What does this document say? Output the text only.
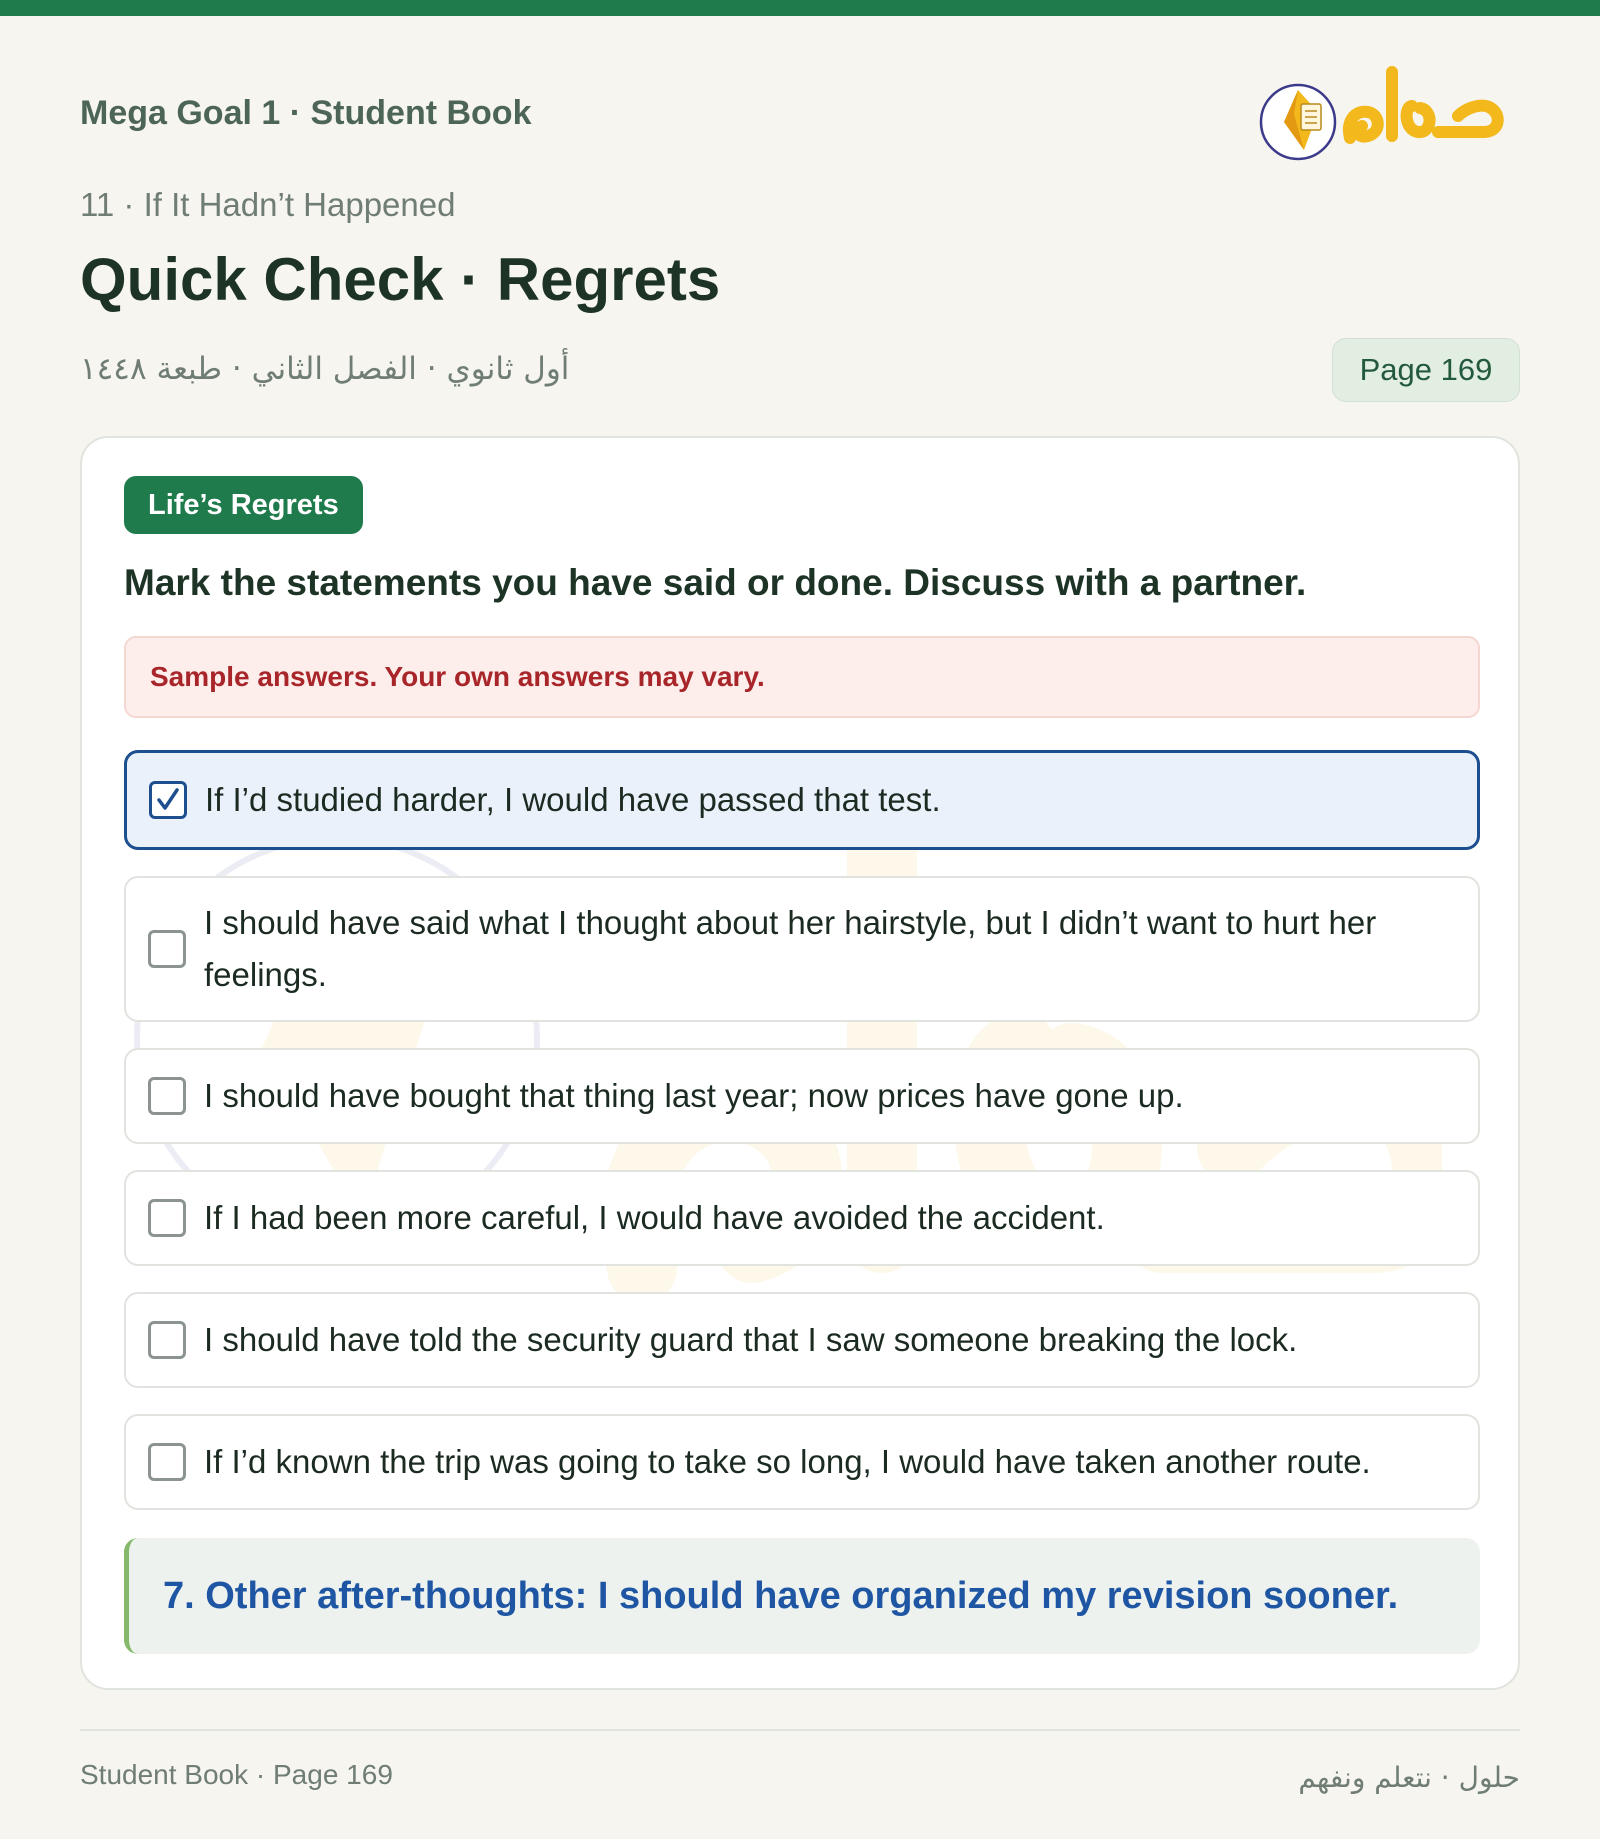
Mega Goal 1 · Student Book
11 · If It Hadn’t Happened
Quick Check · Regrets
أول ثانوي · الفصل الثاني · طبعة ١٤٤٨	Page 169
Life’s Regrets
Mark the statements you have said or done. Discuss with a partner.
Sample answers. Your own answers may vary.
If I’d studied harder, I would have passed that test.
I should have said what I thought about her hairstyle, but I didn’t want to hurt her feelings.
I should have bought that thing last year; now prices have gone up.
If I had been more careful, I would have avoided the accident.
I should have told the security guard that I saw someone breaking the lock.
If I’d known the trip was going to take so long, I would have taken another route.
7. Other after-thoughts: I should have organized my revision sooner.
Student Book · Page 169	حلول · نتعلم ونفهم
